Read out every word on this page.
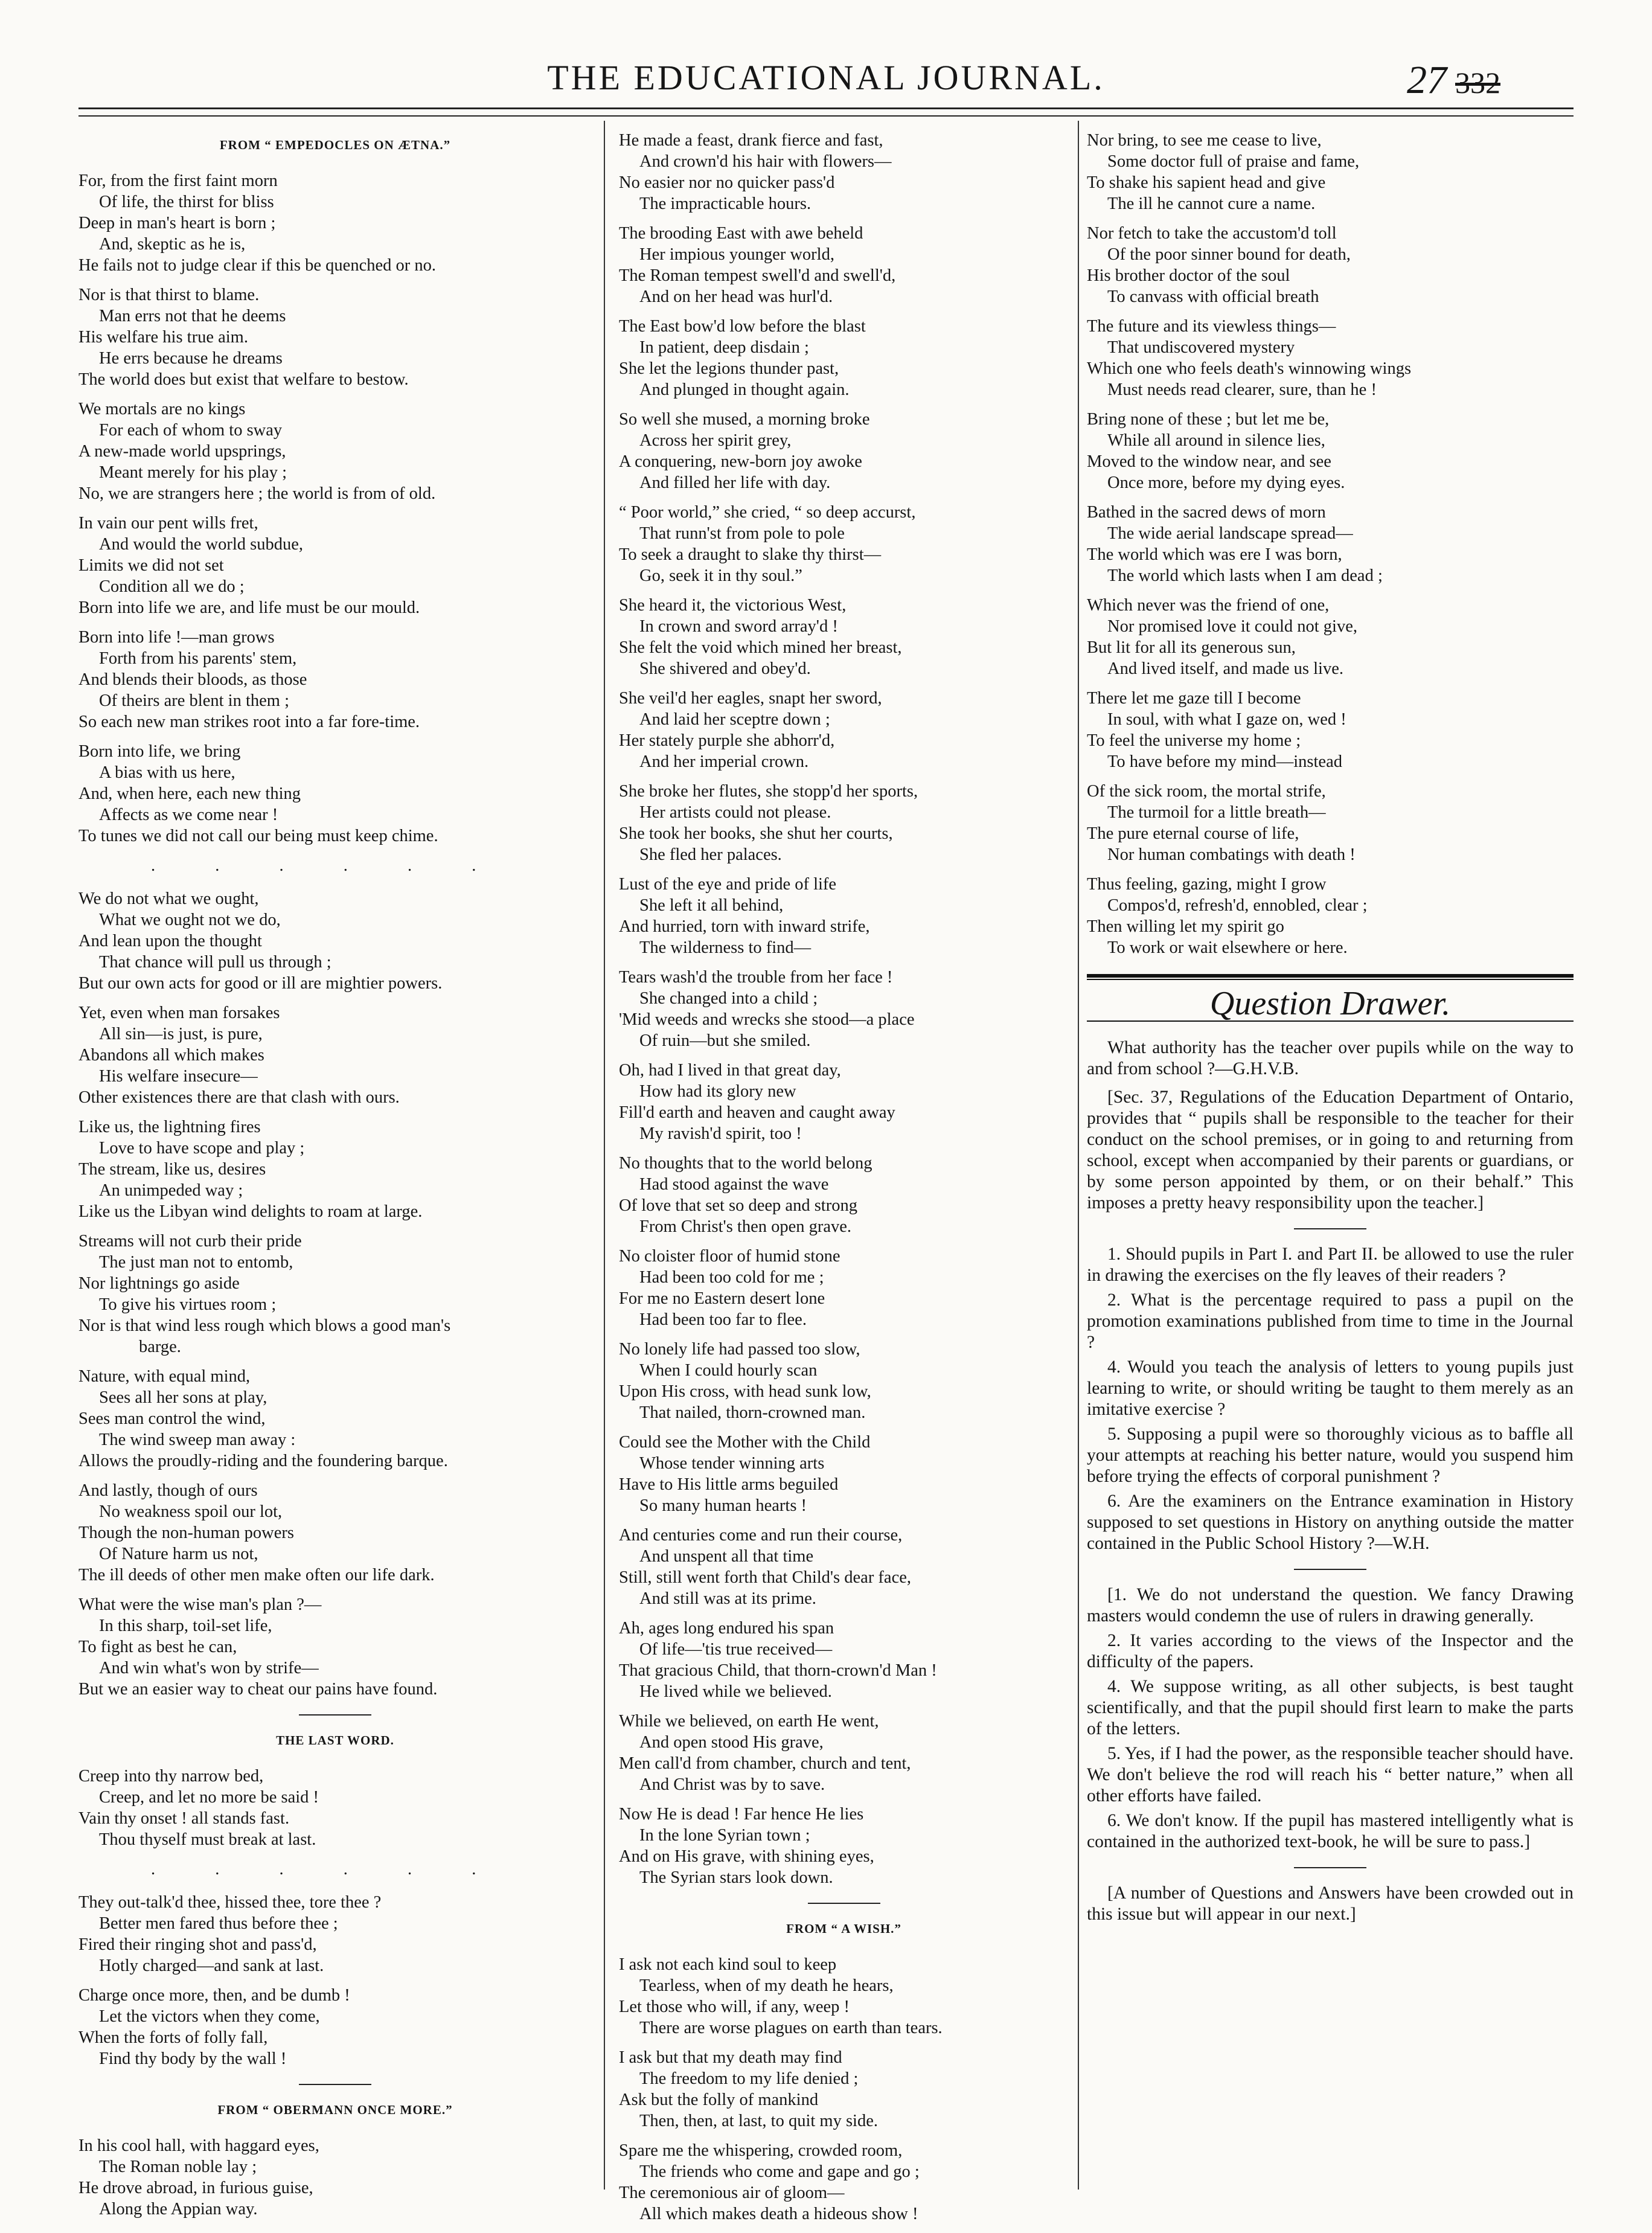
THE EDUCATIONAL JOURNAL.	27 332
FROM “ EMPEDOCLES ON ÆTNA.”
For, from the first faint morn
Of life, the thirst for bliss
Deep in man's heart is born ;
And, skeptic as he is,
He fails not to judge clear if this be quenched or no.
Nor is that thirst to blame.
Man errs not that he deems
His welfare his true aim.
He errs because he dreams
The world does but exist that welfare to bestow.
We mortals are no kings
For each of whom to sway
A new-made world upsprings,
Meant merely for his play ;
No, we are strangers here ; the world is from of old.
In vain our pent wills fret,
And would the world subdue,
Limits we did not set
Condition all we do ;
Born into life we are, and life must be our mould.
Born into life !—man grows
Forth from his parents' stem,
And blends their bloods, as those
Of theirs are blent in them ;
So each new man strikes root into a far fore-time.
Born into life, we bring
A bias with us here,
And, when here, each new thing
Affects as we come near !
To tunes we did not call our being must keep chime.
. . . . . .
We do not what we ought,
What we ought not we do,
And lean upon the thought
That chance will pull us through ;
But our own acts for good or ill are mightier powers.
Yet, even when man forsakes
All sin—is just, is pure,
Abandons all which makes
His welfare insecure—
Other existences there are that clash with ours.
Like us, the lightning fires
Love to have scope and play ;
The stream, like us, desires
An unimpeded way ;
Like us the Libyan wind delights to roam at large.
Streams will not curb their pride
The just man not to entomb,
Nor lightnings go aside
To give his virtues room ;
Nor is that wind less rough which blows a good man's
barge.
Nature, with equal mind,
Sees all her sons at play,
Sees man control the wind,
The wind sweep man away :
Allows the proudly-riding and the foundering barque.
And lastly, though of ours
No weakness spoil our lot,
Though the non-human powers
Of Nature harm us not,
The ill deeds of other men make often our life dark.
What were the wise man's plan ?—
In this sharp, toil-set life,
To fight as best he can,
And win what's won by strife—
But we an easier way to cheat our pains have found.
THE LAST WORD.
Creep into thy narrow bed,
Creep, and let no more be said !
Vain thy onset ! all stands fast.
Thou thyself must break at last.
. . . . . .
They out-talk'd thee, hissed thee, tore thee ?
Better men fared thus before thee ;
Fired their ringing shot and pass'd,
Hotly charged—and sank at last.
Charge once more, then, and be dumb !
Let the victors when they come,
When the forts of folly fall,
Find thy body by the wall !
FROM “ OBERMANN ONCE MORE.”
In his cool hall, with haggard eyes,
The Roman noble lay ;
He drove abroad, in furious guise,
Along the Appian way.
He made a feast, drank fierce and fast,
And crown'd his hair with flowers—
No easier nor no quicker pass'd
The impracticable hours.
The brooding East with awe beheld
Her impious younger world,
The Roman tempest swell'd and swell'd,
And on her head was hurl'd.
The East bow'd low before the blast
In patient, deep disdain ;
She let the legions thunder past,
And plunged in thought again.
So well she mused, a morning broke
Across her spirit grey,
A conquering, new-born joy awoke
And filled her life with day.
“ Poor world,” she cried, “ so deep accurst,
That runn'st from pole to pole
To seek a draught to slake thy thirst—
Go, seek it in thy soul.”
She heard it, the victorious West,
In crown and sword array'd !
She felt the void which mined her breast,
She shivered and obey'd.
She veil'd her eagles, snapt her sword,
And laid her sceptre down ;
Her stately purple she abhorr'd,
And her imperial crown.
She broke her flutes, she stopp'd her sports,
Her artists could not please.
She took her books, she shut her courts,
She fled her palaces.
Lust of the eye and pride of life
She left it all behind,
And hurried, torn with inward strife,
The wilderness to find—
Tears wash'd the trouble from her face !
She changed into a child ;
'Mid weeds and wrecks she stood—a place
Of ruin—but she smiled.
Oh, had I lived in that great day,
How had its glory new
Fill'd earth and heaven and caught away
My ravish'd spirit, too !
No thoughts that to the world belong
Had stood against the wave
Of love that set so deep and strong
From Christ's then open grave.
No cloister floor of humid stone
Had been too cold for me ;
For me no Eastern desert lone
Had been too far to flee.
No lonely life had passed too slow,
When I could hourly scan
Upon His cross, with head sunk low,
That nailed, thorn-crowned man.
Could see the Mother with the Child
Whose tender winning arts
Have to His little arms beguiled
So many human hearts !
And centuries come and run their course,
And unspent all that time
Still, still went forth that Child's dear face,
And still was at its prime.
Ah, ages long endured his span
Of life—'tis true received—
That gracious Child, that thorn-crown'd Man !
He lived while we believed.
While we believed, on earth He went,
And open stood His grave,
Men call'd from chamber, church and tent,
And Christ was by to save.
Now He is dead ! Far hence He lies
In the lone Syrian town ;
And on His grave, with shining eyes,
The Syrian stars look down.
FROM “ A WISH.”
I ask not each kind soul to keep
Tearless, when of my death he hears,
Let those who will, if any, weep !
There are worse plagues on earth than tears.
I ask but that my death may find
The freedom to my life denied ;
Ask but the folly of mankind
Then, then, at last, to quit my side.
Spare me the whispering, crowded room,
The friends who come and gape and go ;
The ceremonious air of gloom—
All which makes death a hideous show !
Nor bring, to see me cease to live,
Some doctor full of praise and fame,
To shake his sapient head and give
The ill he cannot cure a name.
Nor fetch to take the accustom'd toll
Of the poor sinner bound for death,
His brother doctor of the soul
To canvass with official breath
The future and its viewless things—
That undiscovered mystery
Which one who feels death's winnowing wings
Must needs read clearer, sure, than he !
Bring none of these ; but let me be,
While all around in silence lies,
Moved to the window near, and see
Once more, before my dying eyes.
Bathed in the sacred dews of morn
The wide aerial landscape spread—
The world which was ere I was born,
The world which lasts when I am dead ;
Which never was the friend of one,
Nor promised love it could not give,
But lit for all its generous sun,
And lived itself, and made us live.
There let me gaze till I become
In soul, with what I gaze on, wed !
To feel the universe my home ;
To have before my mind—instead
Of the sick room, the mortal strife,
The turmoil for a little breath—
The pure eternal course of life,
Nor human combatings with death !
Thus feeling, gazing, might I grow
Compos'd, refresh'd, ennobled, clear ;
Then willing let my spirit go
To work or wait elsewhere or here.
Question Drawer.

What authority has the teacher over pupils while on the way to and from school ?—G.H.V.B.

[Sec. 37, Regulations of the Education Department of Ontario, provides that “ pupils shall be responsible to the teacher for their conduct on the school premises, or in going to and returning from school, except when accompanied by their parents or guardians, or by some person appointed by them, or on their behalf.” This imposes a pretty heavy responsibility upon the teacher.]

1. Should pupils in Part I. and Part II. be allowed to use the ruler in drawing the exercises on the fly leaves of their readers ?

2. What is the percentage required to pass a pupil on the promotion examinations published from time to time in the Journal ?

4. Would you teach the analysis of letters to young pupils just learning to write, or should writing be taught to them merely as an imitative exercise ?

5. Supposing a pupil were so thoroughly vicious as to baffle all your attempts at reaching his better nature, would you suspend him before trying the effects of corporal punishment ?

6. Are the examiners on the Entrance examination in History supposed to set questions in History on anything outside the matter contained in the Public School History ?—W.H.

[1. We do not understand the question. We fancy Drawing masters would condemn the use of rulers in drawing generally.

2. It varies according to the views of the Inspector and the difficulty of the papers.

4. We suppose writing, as all other subjects, is best taught scientifically, and that the pupil should first learn to make the parts of the letters.

5. Yes, if I had the power, as the responsible teacher should have. We don't believe the rod will reach his “ better nature,” when all other efforts have failed.

6. We don't know. If the pupil has mastered intelligently what is contained in the authorized text-book, he will be sure to pass.]

[A number of Questions and Answers have been crowded out in this issue but will appear in our next.]
